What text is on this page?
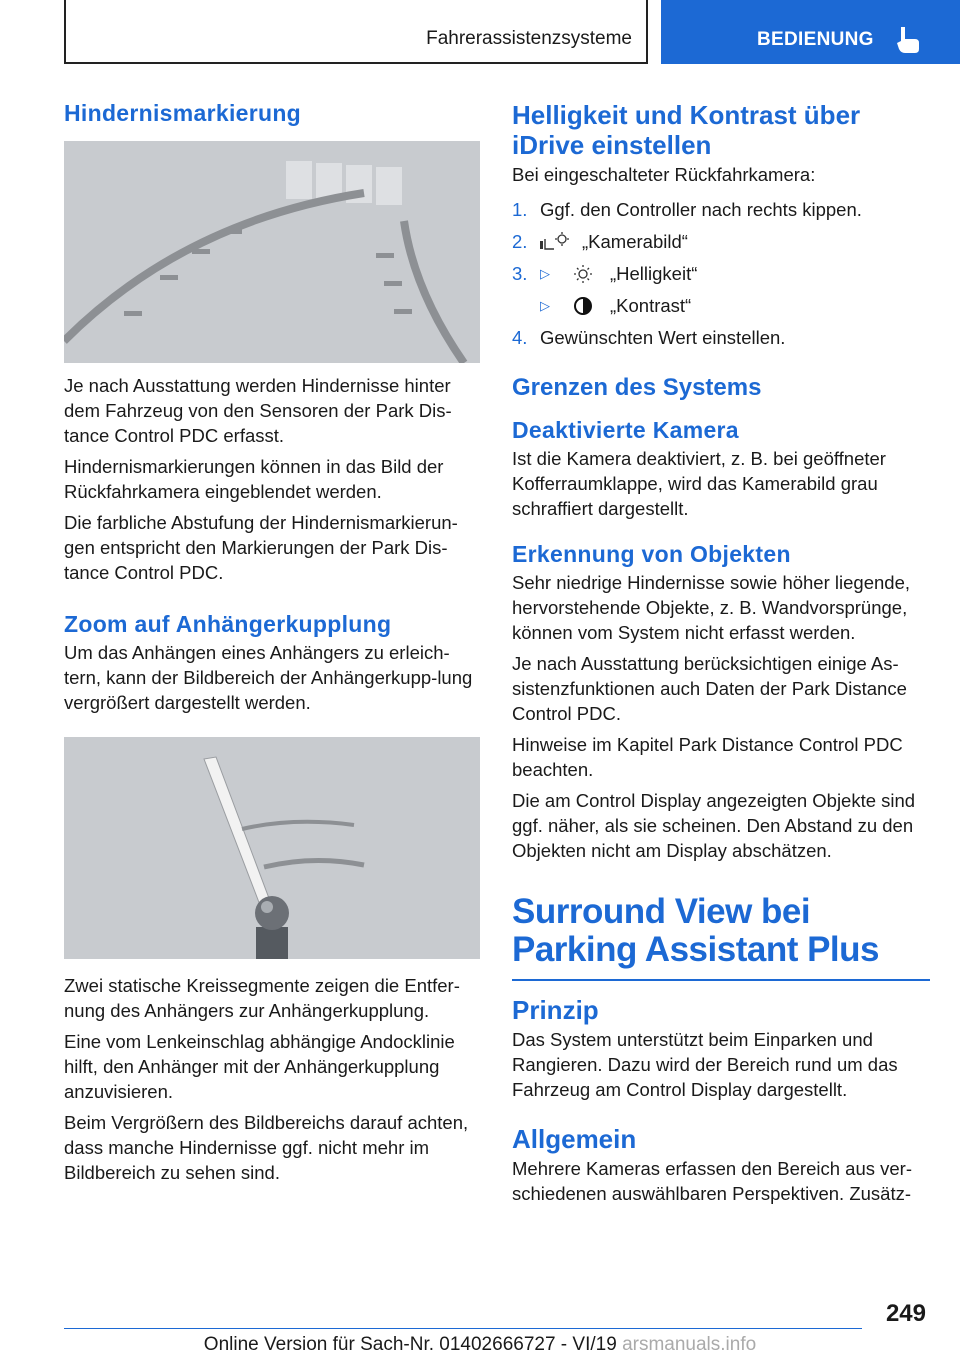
Fahrerassistenzsysteme	BEDIENUNG
Hindernismarkierung

Je nach Ausstattung werden Hindernisse hinter dem Fahrzeug von den Sensoren der Park Dis-tance Control PDC erfasst.

Hindernismarkierungen können in das Bild der Rückfahrkamera eingeblendet werden.

Die farbliche Abstufung der Hindernismarkierun-gen entspricht den Markierungen der Park Dis-tance Control PDC.

Zoom auf Anhängerkupplung

Um das Anhängen eines Anhängers zu erleich-tern, kann der Bildbereich der Anhängerkupp-lung vergrößert dargestellt werden.

Zwei statische Kreissegmente zeigen die Entfer-nung des Anhängers zur Anhängerkupplung.

Eine vom Lenkeinschlag abhängige Andocklinie hilft, den Anhänger mit der Anhängerkupplung anzuvisieren.

Beim Vergrößern des Bildbereichs darauf achten, dass manche Hindernisse ggf. nicht mehr im Bildbereich zu sehen sind.

Helligkeit und Kontrast über iDrive einstellen

Bei eingeschalteter Rückfahrkamera:

1. Ggf. den Controller nach rechts kippen.
2.	„Kamerabild“
3. ▷	„Helligkeit“
▷	„Kontrast“
4. Gewünschten Wert einstellen.
Grenzen des Systems
Deaktivierte Kamera

Ist die Kamera deaktiviert, z. B. bei geöffneter Kofferraumklappe, wird das Kamerabild grau schraffiert dargestellt.

Erkennung von Objekten

Sehr niedrige Hindernisse sowie höher liegende, hervorstehende Objekte, z. B. Wandvorsprünge, können vom System nicht erfasst werden.

Je nach Ausstattung berücksichtigen einige As-sistenzfunktionen auch Daten der Park Distance Control PDC.

Hinweise im Kapitel Park Distance Control PDC beachten.

Die am Control Display angezeigten Objekte sind ggf. näher, als sie scheinen. Den Abstand zu den Objekten nicht am Display abschätzen.

Surround View bei Parking Assistant Plus
Prinzip

Das System unterstützt beim Einparken und Rangieren. Dazu wird der Bereich rund um das Fahrzeug am Control Display dargestellt.

Allgemein

Mehrere Kameras erfassen den Bereich aus ver-schiedenen auswählbaren Perspektiven. Zusätz-

249
Online Version für Sach-Nr. 01402666727 - VI/19 arsmanuals.info
